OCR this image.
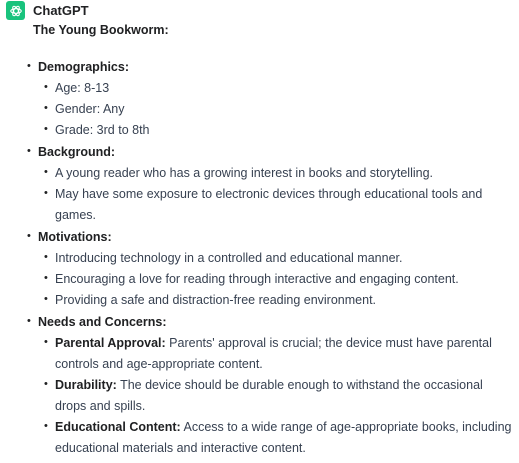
ChatGPT
The Young Bookworm:
• Demographics:
• Age: 8-13
• Gender: Any
• Grade: 3rd to 8th
• Background:
• A young reader who has a growing interest in books and storytelling.
• May have some exposure to electronic devices through educational tools and
games.
• Motivations:
• Introducing technology in a controlled and educational manner.
• Encouraging a love for reading through interactive and engaging content.
• Providing a safe and distraction-free reading environment.
• Needs and Concerns:
• Parental Approval: Parents' approval is crucial; the device must have parental
controls and age-appropriate content.
• Durability: The device should be durable enough to withstand the occasional
drops and spills.
• Educational Content: Access to a wide range of age-appropriate books, including
educational materials and interactive content.
